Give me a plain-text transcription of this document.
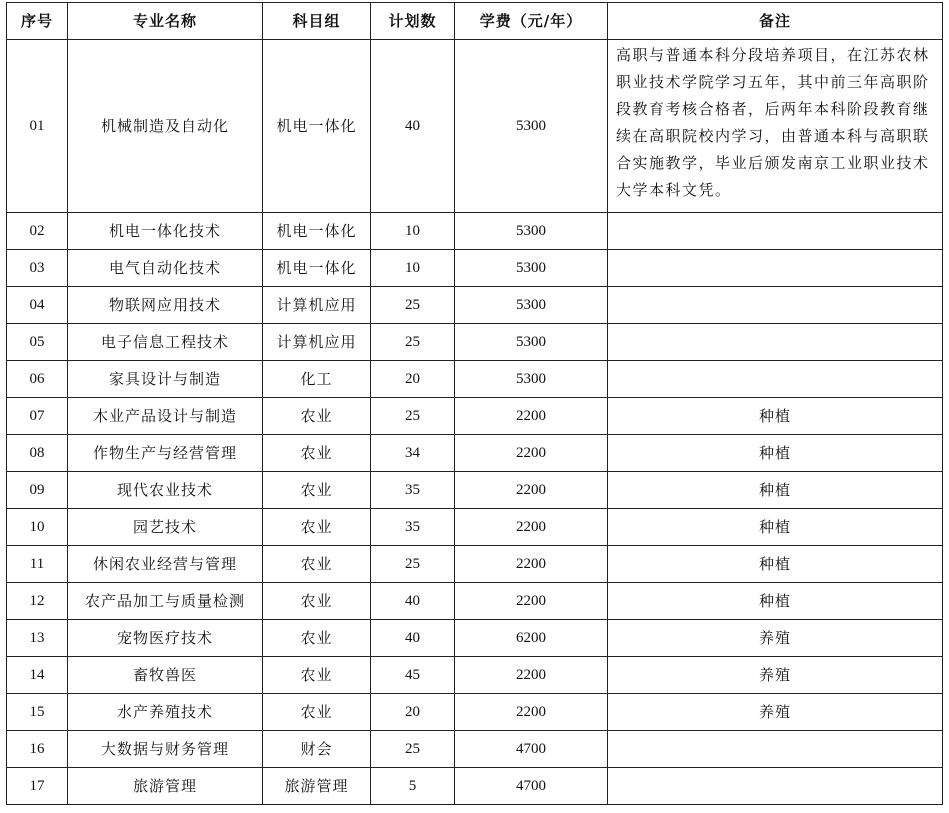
序号	专业名称	科目组	计划数	学费（元/年）	备注
01	机械制造及自动化	机电一体化	40	5300	高职与普通本科分段培养项目，在江苏农林职业技术学院学习五年，其中前三年高职阶段教育考核合格者，后两年本科阶段教育继续在高职院校内学习，由普通本科与高职联合实施教学，毕业后颁发南京工业职业技术大学本科文凭。
02	机电一体化技术	机电一体化	10	5300	
03	电气自动化技术	机电一体化	10	5300	
04	物联网应用技术	计算机应用	25	5300	
05	电子信息工程技术	计算机应用	25	5300	
06	家具设计与制造	化工	20	5300	
07	木业产品设计与制造	农业	25	2200	种植
08	作物生产与经营管理	农业	34	2200	种植
09	现代农业技术	农业	35	2200	种植
10	园艺技术	农业	35	2200	种植
11	休闲农业经营与管理	农业	25	2200	种植
12	农产品加工与质量检测	农业	40	2200	种植
13	宠物医疗技术	农业	40	6200	养殖
14	畜牧兽医	农业	45	2200	养殖
15	水产养殖技术	农业	20	2200	养殖
16	大数据与财务管理	财会	25	4700	
17	旅游管理	旅游管理	5	4700	
